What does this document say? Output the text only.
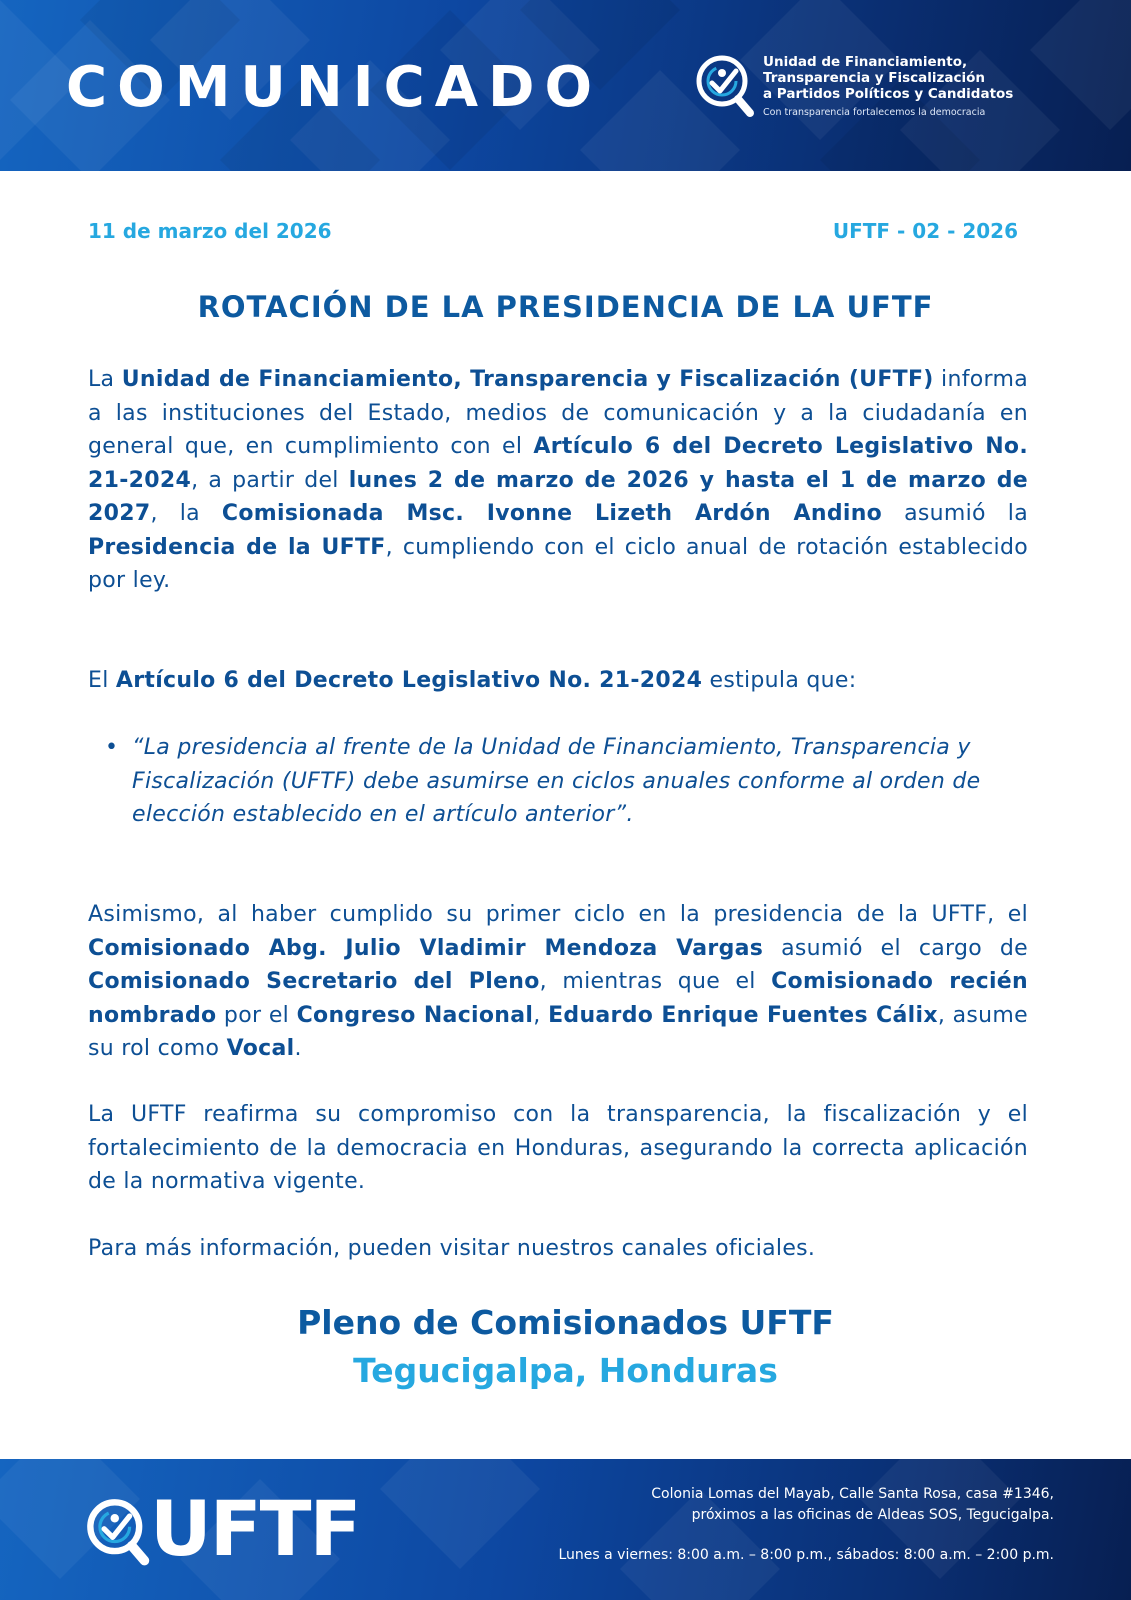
COMUNICADO	Unidad de Financiamiento,
Transparencia y Fiscalización
a Partidos Políticos y Candidatos
Con transparencia fortalecemos la democracia
11 de marzo del 2026	UFTF - 02 - 2026
ROTACIÓN DE LA PRESIDENCIA DE LA UFTF
La Unidad de Financiamiento, Transparencia y Fiscalización (UFTF) informa a las instituciones del Estado, medios de comunicación y a la ciudadanía en general que, en cumplimiento con el Artículo 6 del Decreto Legislativo No. 21-2024, a partir del lunes 2 de marzo de 2026 y hasta el 1 de marzo de 2027, la Comisionada Msc. Ivonne Lizeth Ardón Andino asumió la Presidencia de la UFTF, cumpliendo con el ciclo anual de rotación establecido por ley.
El Artículo 6 del Decreto Legislativo No. 21-2024 estipula que:
• “La presidencia al frente de la Unidad de Financiamiento, Transparencia y Fiscalización (UFTF) debe asumirse en ciclos anuales conforme al orden de elección establecido en el artículo anterior”.
Asimismo, al haber cumplido su primer ciclo en la presidencia de la UFTF, el Comisionado Abg. Julio Vladimir Mendoza Vargas asumió el cargo de Comisionado Secretario del Pleno, mientras que el Comisionado recién nombrado por el Congreso Nacional, Eduardo Enrique Fuentes Cálix, asume su rol como Vocal.
La UFTF reafirma su compromiso con la transparencia, la fiscalización y el fortalecimiento de la democracia en Honduras, asegurando la correcta aplicación de la normativa vigente.
Para más información, pueden visitar nuestros canales oficiales.
Pleno de Comisionados UFTF
Tegucigalpa, Honduras
UFTF	Colonia Lomas del Mayab, Calle Santa Rosa, casa #1346,
próximos a las oficinas de Aldeas SOS, Tegucigalpa.
Lunes a viernes: 8:00 a.m. – 8:00 p.m., sábados: 8:00 a.m. – 2:00 p.m.
